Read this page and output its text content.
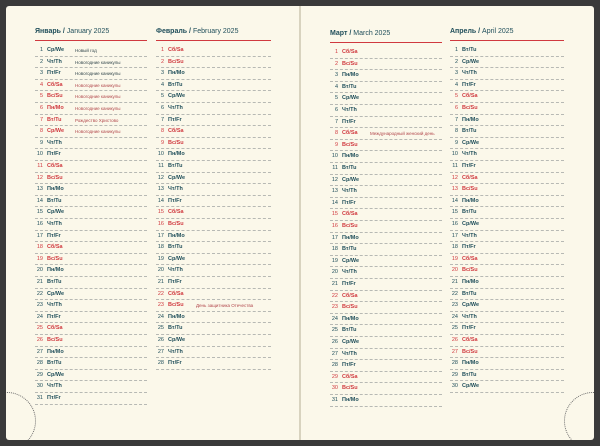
Январь / January 2025
1 Ср/We Новый год
2 Чт/Th	Новогодние каникулы
3 Пт/Fr	Новогодние каникулы
4 Сб/Sa	Новогодние каникулы
5 Вс/Su	Новогодние каникулы
6 Пн/Mo	Новогодние каникулы
7 Вт/Tu	Рождество Христово
8 Ср/We Новогодние каникулы
9 Чт/Th
10 Пт/Fr
11 Сб/Sa
12 Вс/Su
13 Пн/Mo
14 Вт/Tu
15 Ср/We
16 Чт/Th
17 Пт/Fr
18 Сб/Sa
19 Вс/Su
20 Пн/Mo
21 Вт/Tu
22 Ср/We
23 Чт/Th
24 Пт/Fr
25 Сб/Sa
26 Вс/Su
27 Пн/Mo
28 Вт/Tu
29 Ср/We
30 Чт/Th
31 Пт/Fr
Февраль / February 2025
1 Сб/Sa
2 Вс/Su
3 Пн/Mo
4 Вт/Tu
5 Ср/We
6 Чт/Th
7 Пт/Fr
8 Сб/Sa
9 Вс/Su
10 Пн/Mo
11 Вт/Tu
12 Ср/We
13 Чт/Th
14 Пт/Fr
15 Сб/Sa
16 Вс/Su
17 Пн/Mo
18 Вт/Tu
19 Ср/We
20 Чт/Th
21 Пт/Fr
22 Сб/Sa
23 Вс/Su	День защитника Отечества
24 Пн/Mo
25 Вт/Tu
26 Ср/We
27 Чт/Th
28 Пт/Fr
Март / March 2025
1 Сб/Sa
2 Вс/Su
3 Пн/Mo
4 Вт/Tu
5 Ср/We
6 Чт/Th
7 Пт/Fr
8 Сб/Sa	Международный женский день
9 Вс/Su
10 Пн/Mo
11 Вт/Tu
12 Ср/We
13 Чт/Th
14 Пт/Fr
15 Сб/Sa
16 Вс/Su
17 Пн/Mo
18 Вт/Tu
19 Ср/We
20 Чт/Th
21 Пт/Fr
22 Сб/Sa
23 Вс/Su
24 Пн/Mo
25 Вт/Tu
26 Ср/We
27 Чт/Th
28 Пт/Fr
29 Сб/Sa
30 Вс/Su
31 Пн/Mo
Апрель / April 2025
1 Вт/Tu
2 Ср/We
3 Чт/Th
4 Пт/Fr
5 Сб/Sa
6 Вс/Su
7 Пн/Mo
8 Вт/Tu
9 Ср/We
10 Чт/Th
11 Пт/Fr
12 Сб/Sa
13 Вс/Su
14 Пн/Mo
15 Вт/Tu
16 Ср/We
17 Чт/Th
18 Пт/Fr
19 Сб/Sa
20 Вс/Su
21 Пн/Mo
22 Вт/Tu
23 Ср/We
24 Чт/Th
25 Пт/Fr
26 Сб/Sa
27 Вс/Su
28 Пн/Mo
29 Вт/Tu
30 Ср/We
